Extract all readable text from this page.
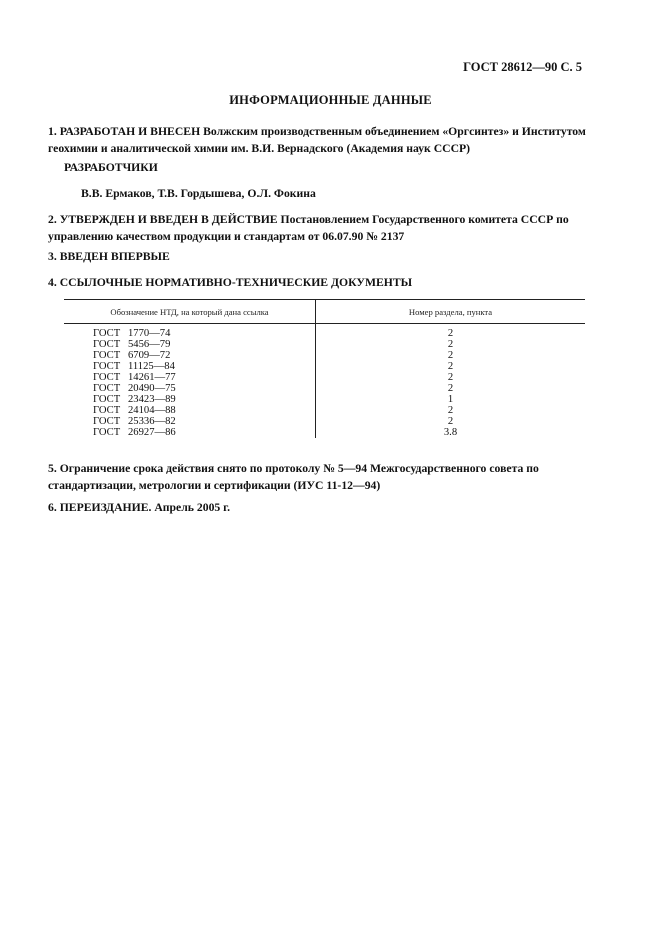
ГОСТ 28612—90 С. 5
ИНФОРМАЦИОННЫЕ ДАННЫЕ
1. РАЗРАБОТАН И ВНЕСЕН Волжским производственным объединением «Оргсинтез» и Институтом геохимии и аналитической химии им. В.И. Вернадского (Академия наук СССР)
РАЗРАБОТЧИКИ
В.В. Ермаков, Т.В. Гордышева, О.Л. Фокина
2. УТВЕРЖДЕН И ВВЕДЕН В ДЕЙСТВИЕ Постановлением Государственного комитета СССР по управлению качеством продукции и стандартам от 06.07.90 № 2137
3. ВВЕДЕН ВПЕРВЫЕ
4. ССЫЛОЧНЫЕ НОРМАТИВНО-ТЕХНИЧЕСКИЕ ДОКУМЕНТЫ
Обозначение НТД, на который дана ссылка	Номер раздела, пункта
ГОСТ 1770—74	2
ГОСТ 5456—79	2
ГОСТ 6709—72	2
ГОСТ 11125—84	2
ГОСТ 14261—77	2
ГОСТ 20490—75	2
ГОСТ 23423—89	1
ГОСТ 24104—88	2
ГОСТ 25336—82	2
ГОСТ 26927—86	3.8
5. Ограничение срока действия снято по протоколу № 5—94 Межгосударственного совета по стандартизации, метрологии и сертификации (ИУС 11-12—94)
6. ПЕРЕИЗДАНИЕ. Апрель 2005 г.
